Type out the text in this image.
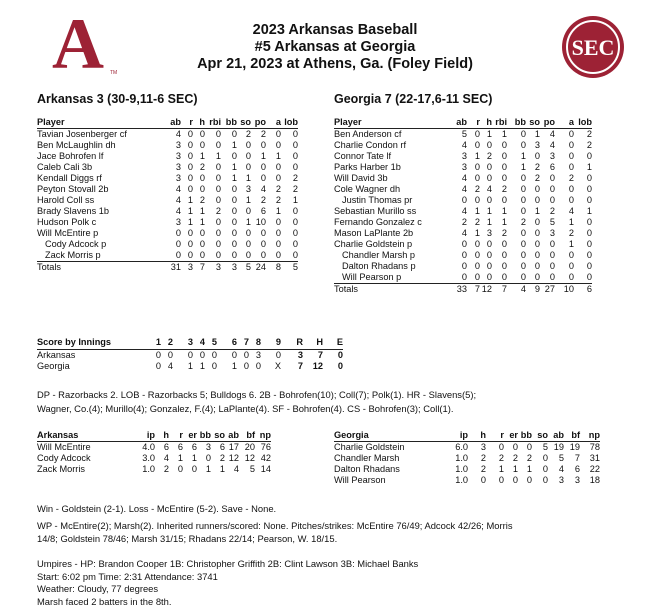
A TM
SEC
2023 Arkansas Baseball
#5 Arkansas at Georgia
Apr 21, 2023 at Athens, Ga. (Foley Field)
Arkansas 3 (30-9,11-6 SEC)	Georgia 7 (22-17,6-11 SEC)
Player	ab	r	h	rbi	bb	so	po	a	lob
Tavian Josenberger cf	4	0	0	0	0	2	2	0	0
Ben McLaughlin dh	3	0	0	0	1	0	0	0	0
Jace Bohrofen lf	3	0	1	1	0	0	1	1	0
Caleb Cali 3b	3	0	2	0	1	0	0	0	0
Kendall Diggs rf	3	0	0	0	1	1	0	0	2
Peyton Stovall 2b	4	0	0	0	0	3	4	2	2
Harold Coll ss	4	1	2	0	0	1	2	2	1
Brady Slavens 1b	4	1	1	2	0	0	6	1	0
Hudson Polk c	3	1	1	0	0	1	10	0	0
Will McEntire p	0	0	0	0	0	0	0	0	0
Cody Adcock p	0	0	0	0	0	0	0	0	0
Zack Morris p	0	0	0	0	0	0	0	0	0
Totals	31	3	7	3	3	5	24	8	5
Player	ab	r	h	rbi	bb	so	po	a	lob
Ben Anderson cf	5	0	1	1	0	1	4	0	2
Charlie Condon rf	4	0	0	0	0	3	4	0	2
Connor Tate lf	3	1	2	0	1	0	3	0	0
Parks Harber 1b	3	0	0	0	1	2	6	0	1
Will David 3b	4	0	0	0	0	2	0	2	0
Cole Wagner dh	4	2	4	2	0	0	0	0	0
Justin Thomas pr	0	0	0	0	0	0	0	0	0
Sebastian Murillo ss	4	1	1	1	0	1	2	4	1
Fernando Gonzalez c	2	2	1	1	2	0	5	1	0
Mason LaPlante 2b	4	1	3	2	0	0	3	2	0
Charlie Goldstein p	0	0	0	0	0	0	0	1	0
Chandler Marsh p	0	0	0	0	0	0	0	0	0
Dalton Rhadans p	0	0	0	0	0	0	0	0	0
Will Pearson p	0	0	0	0	0	0	0	0	0
Totals	33	7	12	7	4	9	27	10	6
Score by Innings	1	2	3	4	5	6	7	8	9	R	H	E
Arkansas	0	0	0	0	0	0	0	3	0	3	7	0
Georgia	0	4	1	1	0	1	0	0	X	7	12	0
DP - Razorbacks 2. LOB - Razorbacks 5; Bulldogs 6. 2B - Bohrofen(10); Coll(7); Polk(1). HR - Slavens(5);
Wagner, Co.(4); Murillo(4); Gonzalez, F.(4); LaPlante(4). SF - Bohrofen(4). CS - Bohrofen(3); Coll(1).
Arkansas	ip	h	r	er	bb	so	ab	bf	np
Will McEntire	4.0	6	6	6	3	6	17	20	76
Cody Adcock	3.0	4	1	1	0	2	12	12	42
Zack Morris	1.0	2	0	0	1	1	4	5	14
Georgia	ip	h	r	er	bb	so	ab	bf	np
Charlie Goldstein	6.0	3	0	0	0	5	19	19	78
Chandler Marsh	1.0	2	2	2	2	0	5	7	31
Dalton Rhadans	1.0	2	1	1	1	0	4	6	22
Will Pearson	1.0	0	0	0	0	0	3	3	18
Win - Goldstein (2-1). Loss - McEntire (5-2). Save - None.
WP - McEntire(2); Marsh(2). Inherited runners/scored: None. Pitches/strikes: McEntire 76/49; Adcock 42/26; Morris
14/8; Goldstein 78/46; Marsh 31/15; Rhadans 22/14; Pearson, W. 18/15.
Umpires - HP: Brandon Cooper 1B: Christopher Griffith 2B: Clint Lawson 3B: Michael Banks
Start: 6:02 pm Time: 2:31 Attendance: 3741
Weather: Cloudy, 77 degrees
Marsh faced 2 batters in the 8th.
